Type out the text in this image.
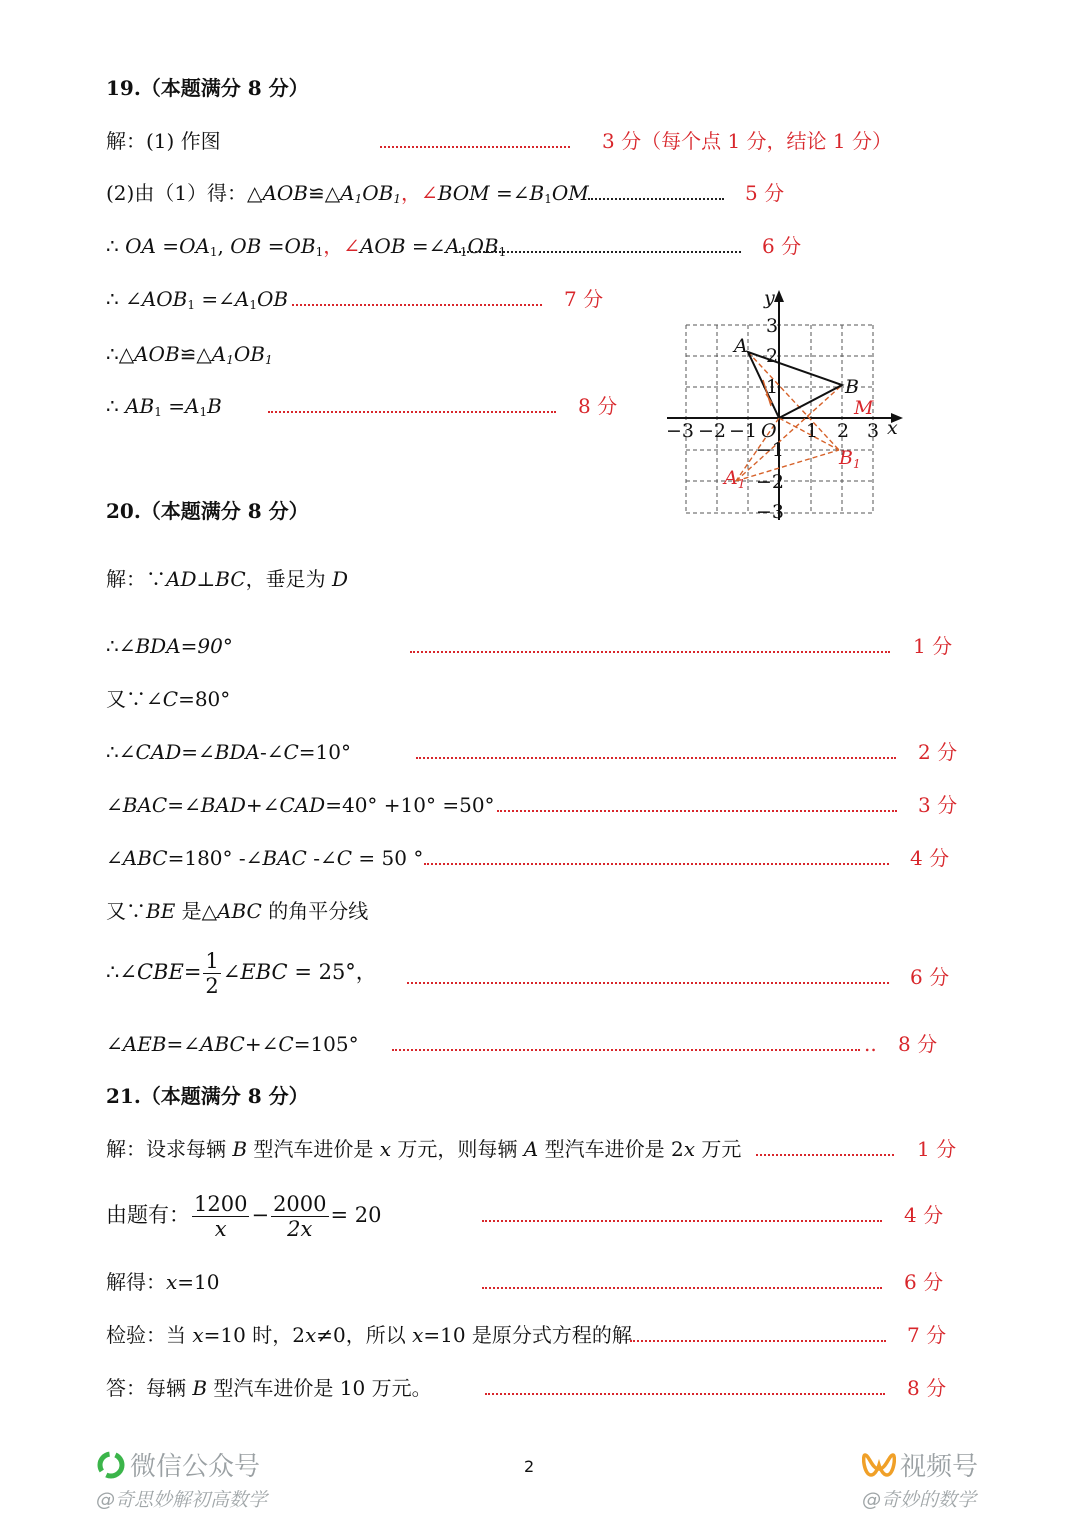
19.（本题满分 8 分）
解：(1) 作图	3 分（每个点 1 分，结论 1 分）
(2)由（1）得：$\triangle AOB≌\triangle A_1OB_1$，∠BOM $=\angle B_1OM$	5 分
∴ OA $=OA_1$, OB $=OB_1$，∠AOB $=\angle A_1OB_1$	6 分
∴ $\angle AOB_1$ $=\angle A_1OB$	7 分
$\therefore\triangle AOB≌\triangle A_1OB_1$
∴ $AB_1 =A_1B$	8 分
−3 −2 −1	1 2 3
3
2
1
−1
−2
−3
x
y
O
A
B
M
$B_1$
$A_1$
20.（本题满分 8 分）
解：∵AD⊥BC，垂足为 D
∴∠BDA=90°	1 分
又∵∠C=80°
∴∠CAD=∠BDA-∠C=10°	2 分
∠BAC=∠BAD+∠CAD=40° +10° =50°	3 分
∠ABC=180° -∠BAC -∠C = 50 °	4 分
又∵BE 是△ABC 的角平分线
∴∠CBE= $\frac{1}{2}$ ∠EBC = 25°，	6 分
∠AEB=∠ABC+∠C=105°	.. 8 分
21.（本题满分 8 分）
解：设求每辆 B 型汽车进价是 x 万元，则每辆 A 型汽车进价是 2x 万元	1 分
由题有： $\frac{1200}{x} - \frac{2000}{2x} = 20$	4 分
解得：x=10	6 分
检验：当 x=10 时，2x≠0，所以 x=10 是原分式方程的解	7 分
答：每辆 B 型汽车进价是 10 万元。	8 分
微信公众号
@奇思妙解初高数学
2	视频号
@奇妙的数学
